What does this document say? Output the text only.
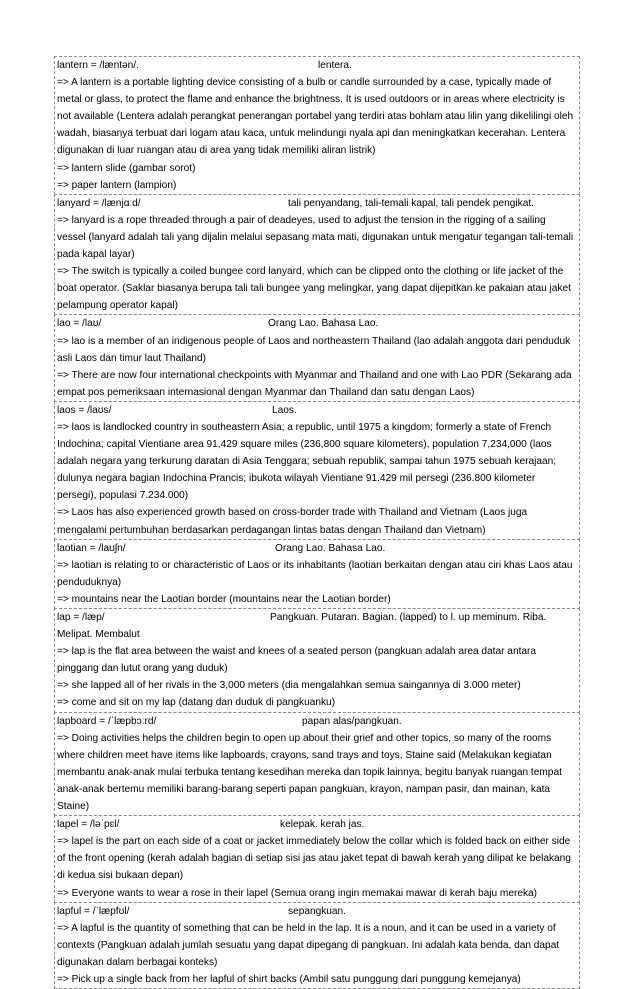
lantern = /læntən/.	lentera.
=> A lantern is a portable lighting device consisting of a bulb or candle surrounded by a case, typically made of metal or glass, to protect the flame and enhance the brightness. It is used outdoors or in areas where electricity is not available (Lentera adalah perangkat penerangan portabel yang terdiri atas bohlam atau lilin yang dikelilingi oleh wadah, biasanya terbuat dari logam atau kaca, untuk melindungi nyala api dan meningkatkan kecerahan. Lentera digunakan di luar ruangan atau di area yang tidak memiliki aliran listrik)
=> lantern slide (gambar sorot)
=> paper lantern (lampion)
lanyard = /lænjɑːd/	tali penyandang, tali-temali kapal, tali pendek pengikat.
=> lanyard is a rope threaded through a pair of deadeyes, used to adjust the tension in the rigging of a sailing vessel (lanyard adalah tali yang dijalin melalui sepasang mata mati, digunakan untuk mengatur tegangan tali-temali pada kapal layar)
=> The switch is typically a coiled bungee cord lanyard, which can be clipped onto the clothing or life jacket of the boat operator. (Saklar biasanya berupa tali tali bungee yang melingkar, yang dapat dijepitkan ke pakaian atau jaket pelampung operator kapal)
lao = /laʊ/	Orang Lao. Bahasa Lao.
=> lao is a member of an indigenous people of Laos and northeastern Thailand (lao adalah anggota dari penduduk asli Laos dan timur laut Thailand)
=> There are now four international checkpoints with Myanmar and Thailand and one with Lao PDR (Sekarang ada empat pos pemeriksaan internasional dengan Myanmar dan Thailand dan satu dengan Laos)
laos = /laʊs/	Laos.
=> laos is landlocked country in southeastern Asia; a republic, until 1975 a kingdom; formerly a state of French Indochina; capital Vientiane area 91,429 square miles (236,800 square kilometers), population 7,234,000 (laos adalah negara yang terkurung daratan di Asia Tenggara; sebuah republik, sampai tahun 1975 sebuah kerajaan; dulunya negara bagian Indochina Prancis; ibukota wilayah Vientiane 91.429 mil persegi (236.800 kilometer persegi), populasi 7.234.000)
=> Laos has also experienced growth based on cross-border trade with Thailand and Vietnam (Laos juga mengalami pertumbuhan berdasarkan perdagangan lintas batas dengan Thailand dan Vietnam)
laotian = /laʊʃn/	Orang Lao. Bahasa Lao.
=> laotian is relating to or characteristic of Laos or its inhabitants (laotian berkaitan dengan atau ciri khas Laos atau penduduknya)
=> mountains near the Laotian border (mountains near the Laotian border)
lap = /læp/	Pangkuan. Putaran. Bagian. (lapped) to l. up meminum. Riba. Melipat. Membalut
=> lap is the flat area between the waist and knees of a seated person (pangkuan adalah area datar antara pinggang dan lutut orang yang duduk)
=> she lapped all of her rivals in the 3,000 meters (dia mengalahkan semua saingannya di 3.000 meter)
=> come and sit on my lap (datang dan duduk di pangkuanku)
lapboard = /ˈlæpbɔːrd/	papan alas/pangkuan.
=> Doing activities helps the children begin to open up about their grief and other topics, so many of the rooms where children meet have items like lapboards, crayons, sand trays and toys, Staine said (Melakukan kegiatan membantu anak-anak mulai terbuka tentang kesedihan mereka dan topik lainnya, begitu banyak ruangan tempat anak-anak bertemu memiliki barang-barang seperti papan pangkuan, krayon, nampan pasir, dan mainan, kata Staine)
lapel = /ləˈpɛl/	kelepak. kerah jas.
=> lapel is the part on each side of a coat or jacket immediately below the collar which is folded back on either side of the front opening (kerah adalah bagian di setiap sisi jas atau jaket tepat di bawah kerah yang dilipat ke belakang di kedua sisi bukaan depan)
=> Everyone wants to wear a rose in their lapel (Semua orang ingin memakai mawar di kerah baju mereka)
lapful = /ˈlæpfʊl/	sepangkuan.
=> A lapful is the quantity of something that can be held in the lap. It is a noun, and it can be used in a variety of contexts (Pangkuan adalah jumlah sesuatu yang dapat dipegang di pangkuan. Ini adalah kata benda, dan dapat digunakan dalam berbagai konteks)
=> Pick up a single back from her lapful of shirt backs (Ambil satu punggung dari punggung kemejanya)
